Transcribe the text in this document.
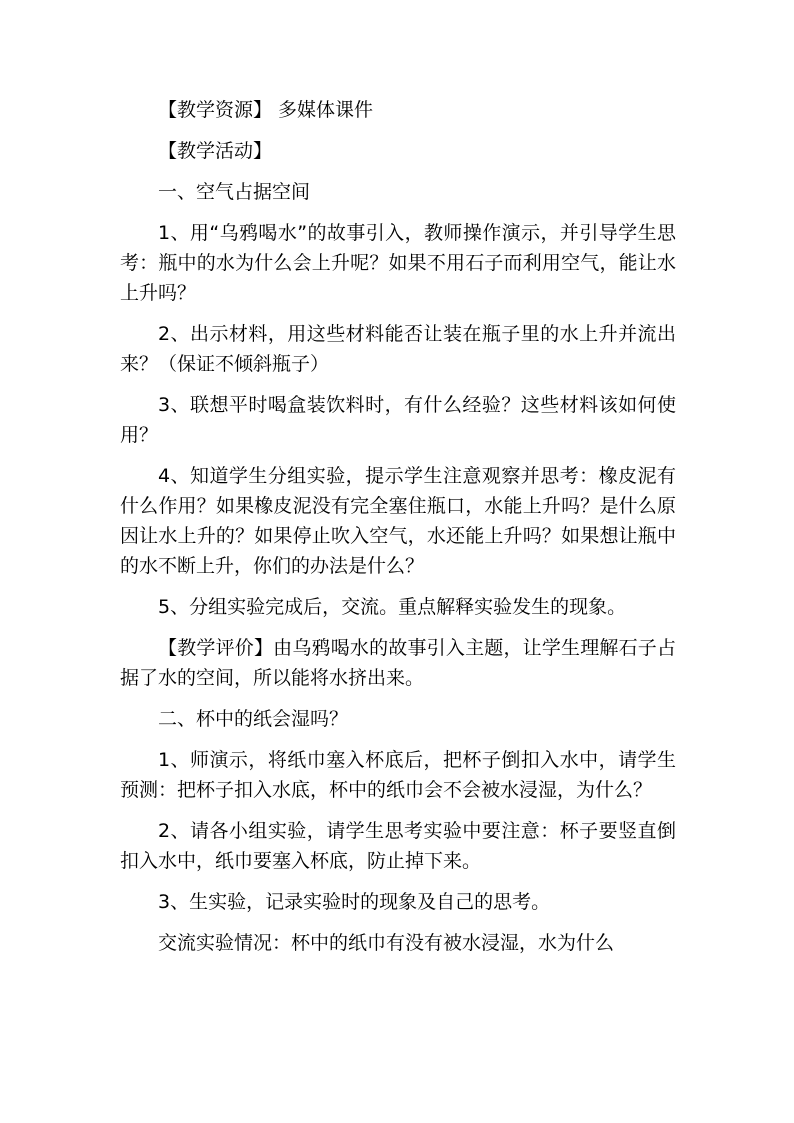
【教学资源】 多媒体课件

【教学活动】

一、空气占据空间

1、用“乌鸦喝水”的故事引入，教师操作演示，并引导学生思考：瓶中的水为什么会上升呢？如果不用石子而利用空气，能让水上升吗？

2、出示材料，用这些材料能否让装在瓶子里的水上升并流出来？（保证不倾斜瓶子）

3、联想平时喝盒装饮料时，有什么经验？这些材料该如何使用？

4、知道学生分组实验，提示学生注意观察并思考：橡皮泥有什么作用？如果橡皮泥没有完全塞住瓶口，水能上升吗？是什么原因让水上升的？如果停止吹入空气，水还能上升吗？如果想让瓶中的水不断上升，你们的办法是什么？

5、分组实验完成后，交流。重点解释实验发生的现象。

【教学评价】由乌鸦喝水的故事引入主题，让学生理解石子占据了水的空间，所以能将水挤出来。

二、杯中的纸会湿吗？

1、师演示，将纸巾塞入杯底后，把杯子倒扣入水中，请学生预测：把杯子扣入水底，杯中的纸巾会不会被水浸湿，为什么？

2、请各小组实验，请学生思考实验中要注意：杯子要竖直倒扣入水中，纸巾要塞入杯底，防止掉下来。

3、生实验，记录实验时的现象及自己的思考。

交流实验情况：杯中的纸巾有没有被水浸湿，水为什么
